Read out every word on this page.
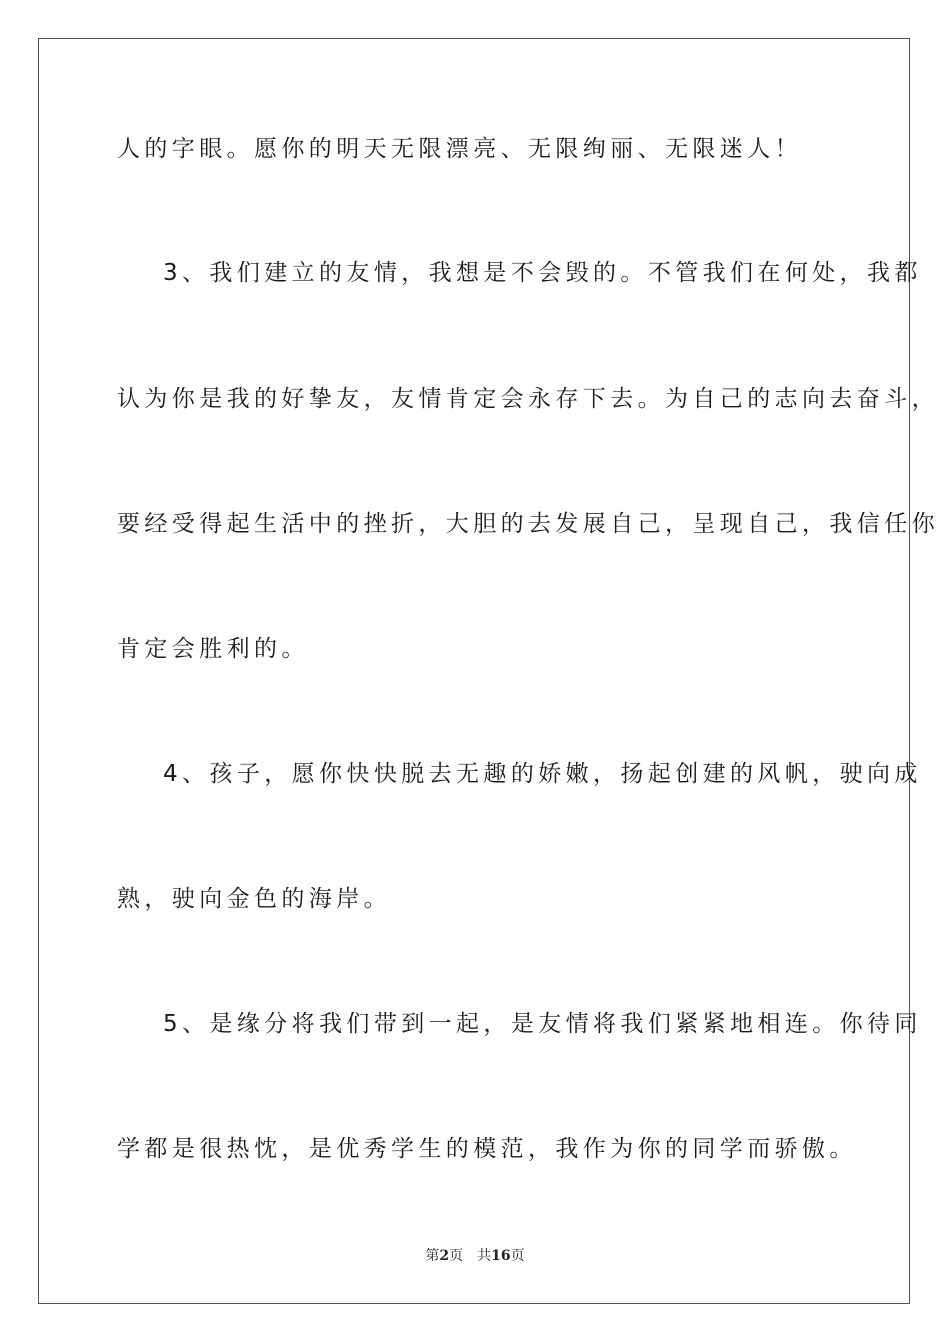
人的字眼。愿你的明天无限漂亮、无限绚丽、无限迷人！
3、我们建立的友情，我想是不会毁的。不管我们在何处，我都
认为你是我的好挚友，友情肯定会永存下去。为自己的志向去奋斗，
要经受得起生活中的挫折，大胆的去发展自己，呈现自己，我信任你
肯定会胜利的。
4、孩子，愿你快快脱去无趣的娇嫩，扬起创建的风帆，驶向成
熟，驶向金色的海岸。
5、是缘分将我们带到一起，是友情将我们紧紧地相连。你待同
学都是很热忱，是优秀学生的模范，我作为你的同学而骄傲。
第2页 共16页
